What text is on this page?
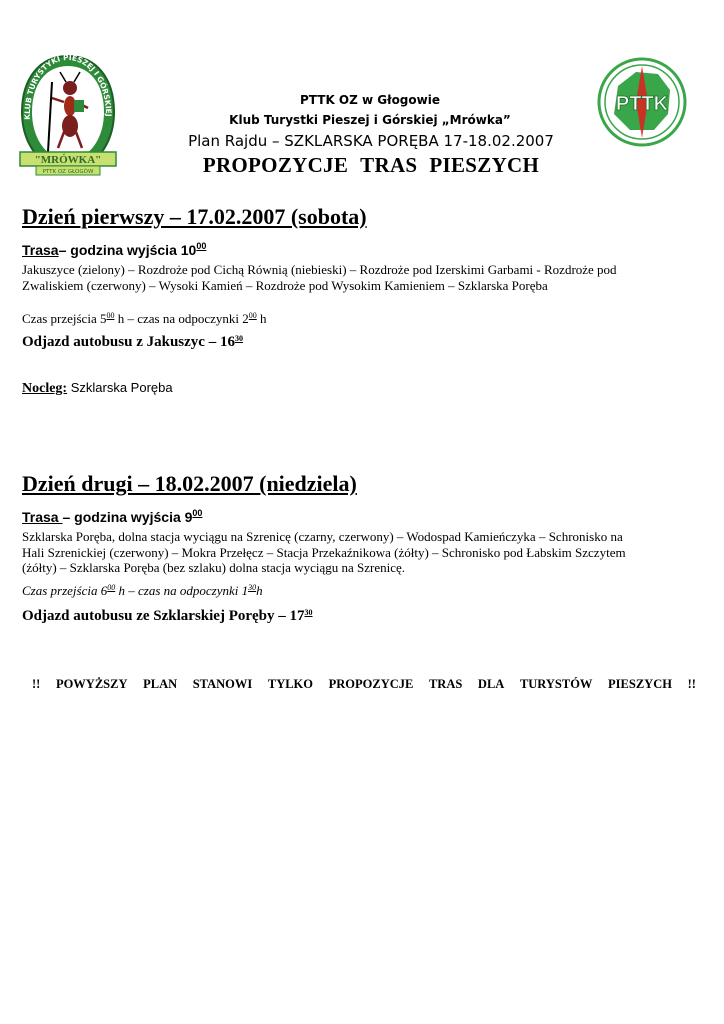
KLUB TURYSTYKI PIESZEJ I GÓRSKIEJ
"MRÓWKA"
PTTK OZ GŁOGÓW
PTTK
PTTK OZ w Głogowie
Klub Turystki Pieszej i Górskiej „Mrówka”
Plan Rajdu – SZKLARSKA PORĘBA 17-18.02.2007
PROPOZYCJE TRAS PIESZYCH
Dzień pierwszy – 17.02.2007 (sobota)
Trasa– godzina wyjścia $10^{00}$
Jakuszyce (zielony) – Rozdroże pod Cichą Równią (niebieski) – Rozdroże pod Izerskimi Garbami - Rozdroże pod
Zwaliskiem (czerwony) – Wysoki Kamień – Rozdroże pod Wysokim Kamieniem – Szklarska Poręba
Czas przejścia $5^{00}$ h – czas na odpoczynki $2^{00}$ h
Odjazd autobusu z Jakuszyc – $16^{30}$
Nocleg: Szklarska Poręba
Dzień drugi – 18.02.2007 (niedziela)
Trasa – godzina wyjścia $9^{00}$
Szklarska Poręba, dolna stacja wyciągu na Szrenicę (czarny, czerwony) – Wodospad Kamieńczyka – Schronisko na
Hali Szrenickiej (czerwony) – Mokra Przełęcz – Stacja Przekaźnikowa (żółty) – Schronisko pod Łabskim Szczytem
(żółty) – Szklarska Poręba (bez szlaku) dolna stacja wyciągu na Szrenicę.
Czas przejścia $6^{00}$ h – czas na odpoczynki $1^{30}h$
Odjazd autobusu ze Szklarskiej Poręby – $17^{30}$
!! POWYŻSZY PLAN STANOWI TYLKO PROPOZYCJE TRAS DLA TURYSTÓW PIESZYCH !!
